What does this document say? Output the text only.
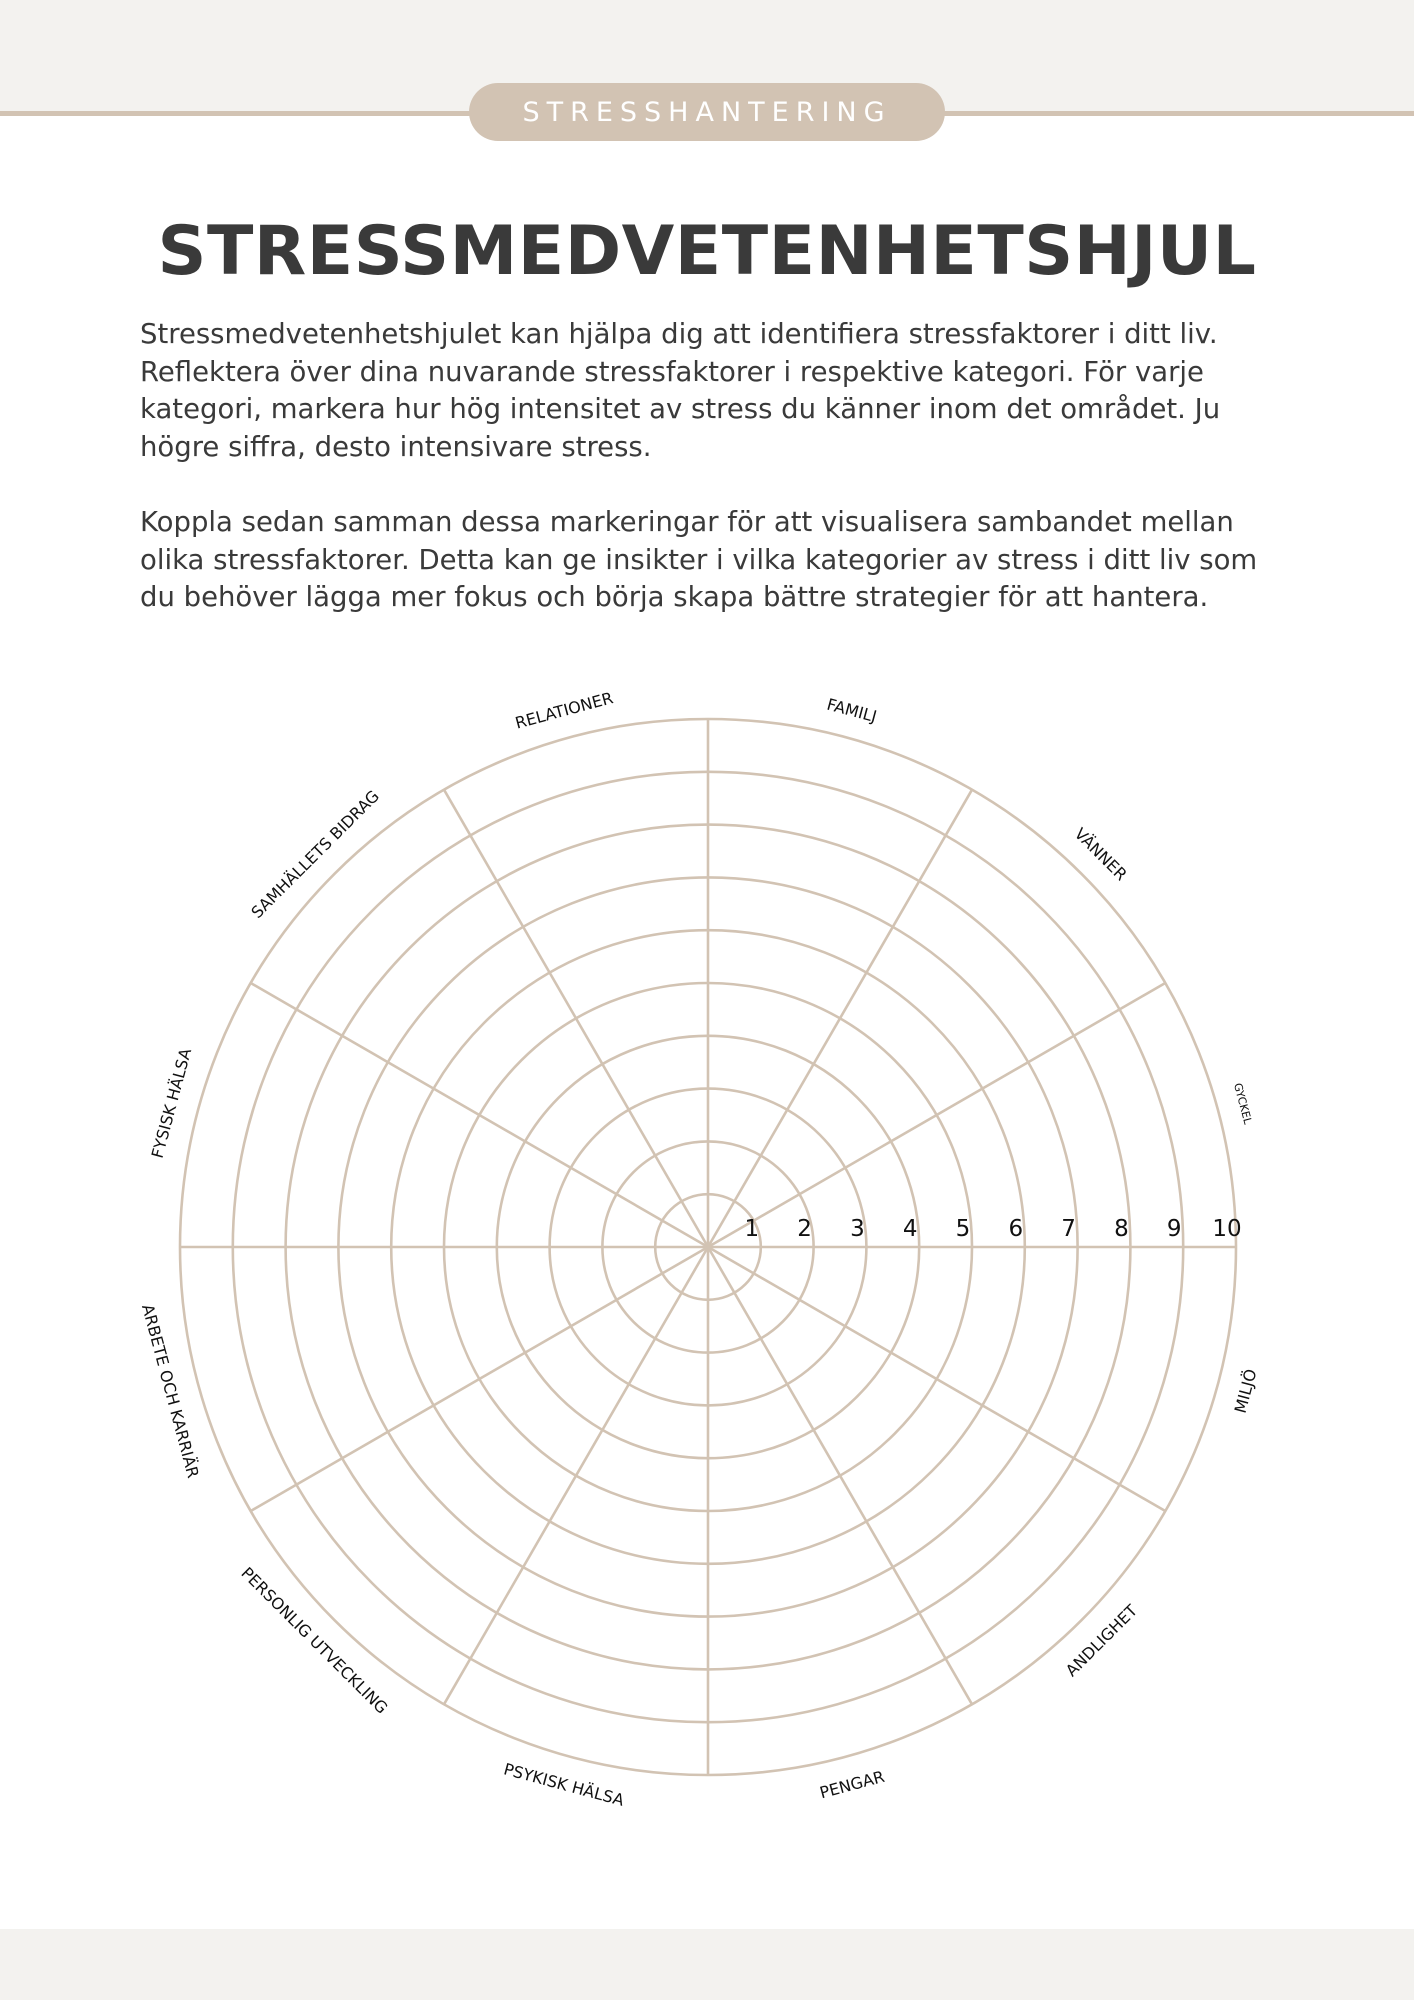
STRESSHANTERING
STRESSMEDVETENHETSHJUL

Stressmedvetenhetshjulet kan hjälpa dig att identifiera stressfaktorer i ditt liv. Reflektera över dina nuvarande stressfaktorer i respektive kategori. För varje kategori, markera hur hög intensitet av stress du känner inom det området. Ju högre siffra, desto intensivare stress.

Koppla sedan samman dessa markeringar för att visualisera sambandet mellan olika stressfaktorer. Detta kan ge insikter i vilka kategorier av stress i ditt liv som du behöver lägga mer fokus och börja skapa bättre strategier för att hantera.

1 2 3 4 5 6 7 8 9 10
RELATIONER	FAMILJ
VÄNNER
GYCKEL
MILJÖ
ANDLIGHET
PENGAR
PSYKISK HÄLSA
PERSONLIG UTVECKLING
ARBETE OCH KARRIÄR
FYSISK HÄLSA
SAMHÄLLETS BIDRAG
